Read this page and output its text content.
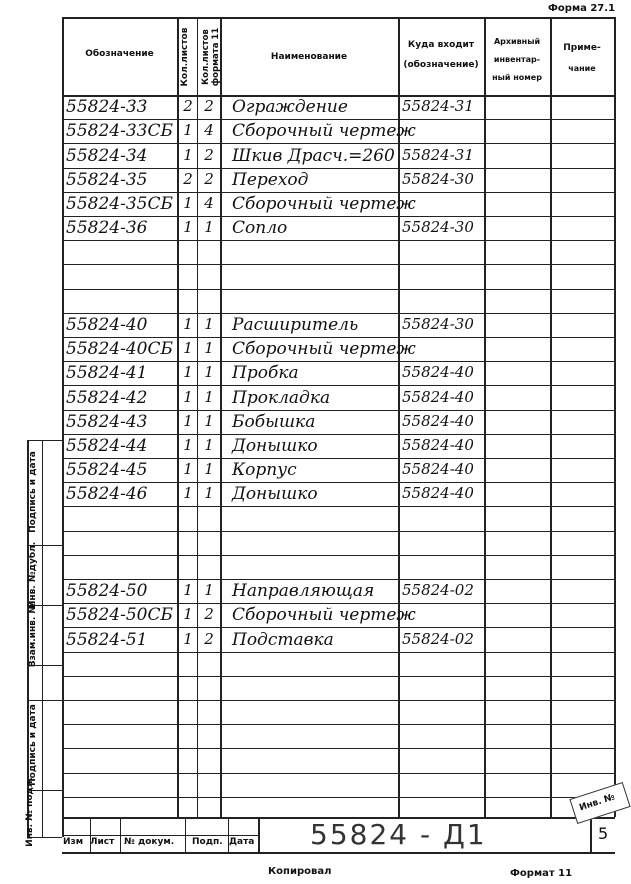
Форма 27.1
Обозначение	Кол.листов	Кол.листов формата 11	Наименование
Куда входит
(обозначение)
Архивный
инвентар-
ный номер
Приме-
чание
55824-33	2 2	Ограждение	55824-31
55824-33СБ 1 4	Сборочный чертеж
55824-34	1 2	Шкив Драсч.=260 55824-31
55824-35	2 2	Переход	55824-30
55824-35СБ 1 4	Сборочный чертеж
55824-36	1 1	Сопло	55824-30
55824-40	1 1	Расширитель	55824-30
55824-40СБ 1 1	Сборочный чертеж
55824-41	1 1	Пробка	55824-40
55824-42	1 1	Прокладка	55824-40
55824-43	1 1	Бобышка	55824-40
55824-44	1 1	Донышко	55824-40
55824-45	1 1	Корпус	55824-40
55824-46	1 1	Донышко	55824-40
55824-50	1 1	Направляющая 55824-02
55824-50СБ 1 2	Сборочный чертеж
55824-51	1 2	Подставка	55824-02
Подпись и дата
Инв. №дубл.
Взам.инв. №
Подпись и дата
Инв. № подл.	Изм Лист № докум. Подп. Дата 55824 - Д1	5
Копировал	Формат 11
Инв. №
